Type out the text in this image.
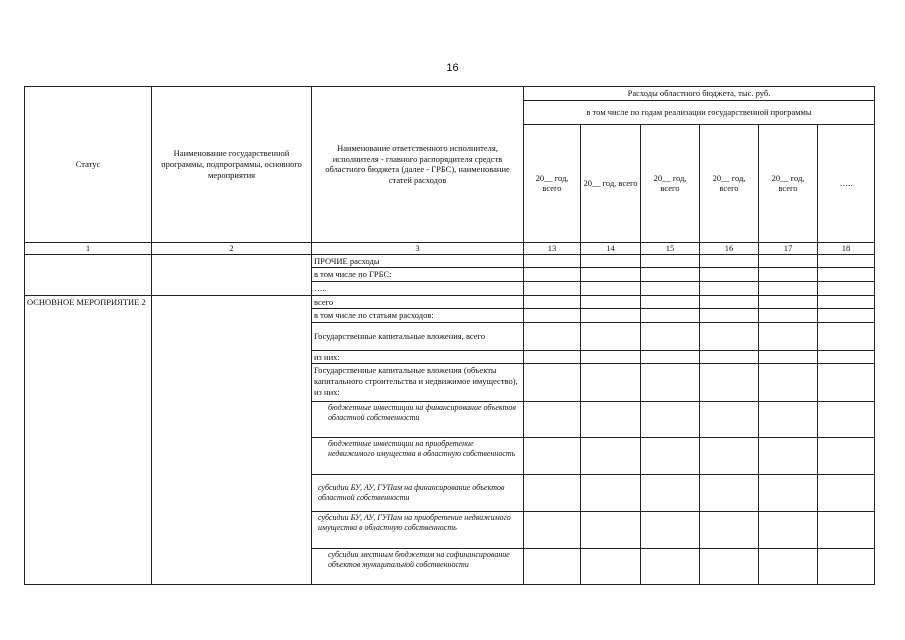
16
Статус	Наименование государственной программы, подпрограммы, основного мероприятия	Наименование ответственного исполнителя, исполнителя - главного распорядителя средств областного бюджета (далее - ГРБС), наименование статей расходов	Расходы областного бюджета, тыс. руб.					
			в том числе по годам реализации государственной программы					
			20__ год, всего	20__ год, всего	20__ год, всего	20__ год, всего	20__ год, всего	…..
1	2	3	13	14	15	16	17	18
		ПРОЧИЕ расходы						
		в том числе по ГРБС:						
		…..						
ОСНОВНОЕ МЕРОПРИЯТИЕ 2		всего						
		в том числе по статьям расходов:						
		Государственные капитальные вложения, всего						
		из них:						
		Государственные капитальные вложения (объекты капитального строительства и недвижимое имущество), из них:						
		бюджетные инвестиции на финансирование объектов областной собственности						
		бюджетные инвестиции на приобретение недвижимого имущества в областную собственность						
		субсидии БУ, АУ, ГУПам на финансирование объектов областной собственности						
		субсидии БУ, АУ, ГУПам на приобретение недвижимого имущества в областную собственность						
		субсидии местным бюджетам на софинансирование объектов муниципальной собственности						
